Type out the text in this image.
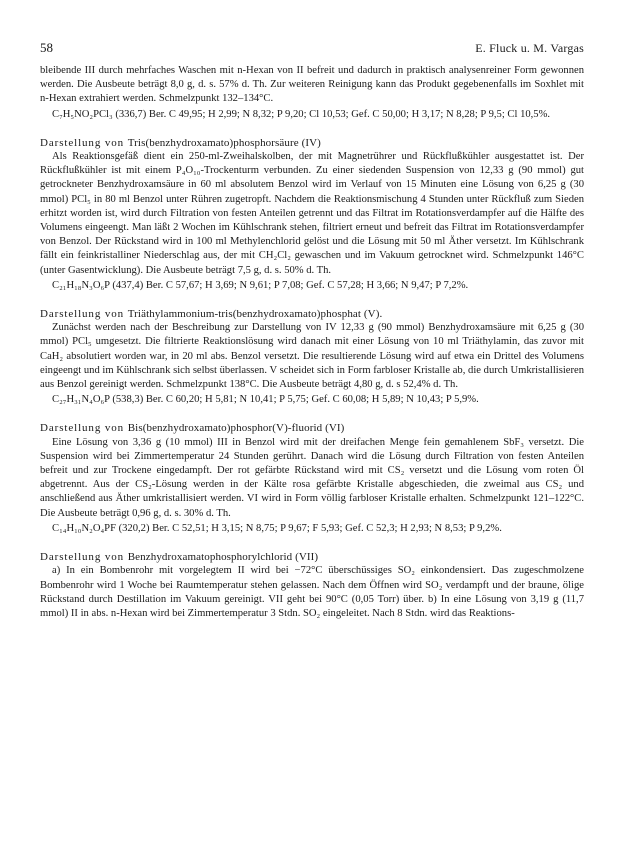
58	E. Fluck u. M. Vargas

bleibende III durch mehrfaches Waschen mit n-Hexan von II befreit und dadurch in praktisch analysenreiner Form gewonnen werden. Die Ausbeute beträgt 8,0 g, d. s. 57% d. Th. Zur weiteren Reinigung kann das Produkt gegebenenfalls im Soxhlet mit n-Hexan extrahiert werden. Schmelzpunkt 132–134°C.

C₇H₅NO₂PCl₃ (336,7) Ber. C 49,95; H 2,99; N 8,32; P 9,20; Cl 10,53; Gef. C 50,00; H 3,17; N 8,28; P 9,5; Cl 10,5%.

Darstellung von Tris(benzhydroxamato)phosphorsäure (IV)

Als Reaktionsgefäß dient ein 250-ml-Zweihalskolben, der mit Magnetrührer und Rückflußkühler ausgestattet ist. Der Rückflußkühler ist mit einem P₄O₁₀-Trockenturm verbunden. Zu einer siedenden Suspension von 12,33 g (90 mmol) gut getrockneter Benzhydroxamsäure in 60 ml absolutem Benzol wird im Verlauf von 15 Minuten eine Lösung von 6,25 g (30 mmol) PCl₅ in 80 ml Benzol unter Rühren zugetropft. Nachdem die Reaktionsmischung 4 Stunden unter Rückfluß zum Sieden erhitzt worden ist, wird durch Filtration von festen Anteilen getrennt und das Filtrat im Rotationsverdampfer auf die Hälfte des Volumens eingeengt. Man läßt 2 Wochen im Kühlschrank stehen, filtriert erneut und befreit das Filtrat im Rotationsverdampfer von Benzol. Der Rückstand wird in 100 ml Methylenchlorid gelöst und die Lösung mit 50 ml Äther versetzt. Im Kühlschrank fällt ein feinkristalliner Niederschlag aus, der mit CH₂Cl₂ gewaschen und im Vakuum getrocknet wird. Schmelzpunkt 146°C (unter Gasentwicklung). Die Ausbeute beträgt 7,5 g, d. s. 50% d. Th.

C₂₁H₁₈N₃O₆P (437,4) Ber. C 57,67; H 3,69; N 9,61; P 7,08; Gef. C 57,28; H 3,66; N 9,47; P 7,2%.

Darstellung von Triäthylammonium-tris(benzhydroxamato)phosphat (V).

Zunächst werden nach der Beschreibung zur Darstellung von IV 12,33 g (90 mmol) Benzhydroxamsäure mit 6,25 g (30 mmol) PCl₅ umgesetzt. Die filtrierte Reaktionslösung wird danach mit einer Lösung von 10 ml Triäthylamin, das zuvor mit CaH₂ absolutiert worden war, in 20 ml abs. Benzol versetzt. Die resultierende Lösung wird auf etwa ein Drittel des Volumens eingeengt und im Kühlschrank sich selbst überlassen. V scheidet sich in Form farbloser Kristalle ab, die durch Umkristallisieren aus Benzol gereinigt werden. Schmelzpunkt 138°C. Die Ausbeute beträgt 4,80 g, d. s 52,4% d. Th.

C₂₇H₃₁N₄O₆P (538,3) Ber. C 60,20; H 5,81; N 10,41; P 5,75; Gef. C 60,08; H 5,89; N 10,43; P 5,9%.

Darstellung von Bis(benzhydroxamato)phosphor(V)-fluorid (VI)

Eine Lösung von 3,36 g (10 mmol) III in Benzol wird mit der dreifachen Menge fein gemahlenem SbF₃ versetzt. Die Suspension wird bei Zimmertemperatur 24 Stunden gerührt. Danach wird die Lösung durch Filtration von festen Anteilen befreit und zur Trockene eingedampft. Der rot gefärbte Rückstand wird mit CS₂ versetzt und die Lösung vom roten Öl abgetrennt. Aus der CS₂-Lösung werden in der Kälte rosa gefärbte Kristalle abgeschieden, die zweimal aus CS₂ und anschließend aus Äther umkristallisiert werden. VI wird in Form völlig farbloser Kristalle erhalten. Schmelzpunkt 121–122°C. Die Ausbeute beträgt 0,96 g, d. s. 30% d. Th.

C₁₄H₁₀N₂O₄PF (320,2) Ber. C 52,51; H 3,15; N 8,75; P 9,67; F 5,93; Gef. C 52,3; H 2,93; N 8,53; P 9,2%.

Darstellung von Benzhydroxamatophosphorylchlorid (VII)

a) In ein Bombenrohr mit vorgelegtem II wird bei −72°C überschüssiges SO₂ einkondensiert. Das zugeschmolzene Bombenrohr wird 1 Woche bei Raumtemperatur stehen gelassen. Nach dem Öffnen wird SO₂ verdampft und der braune, ölige Rückstand durch Destillation im Vakuum gereinigt. VII geht bei 90°C (0,05 Torr) über. b) In eine Lösung von 3,19 g (11,7 mmol) II in abs. n-Hexan wird bei Zimmertemperatur 3 Stdn. SO₂ eingeleitet. Nach 8 Stdn. wird das Reaktions-
